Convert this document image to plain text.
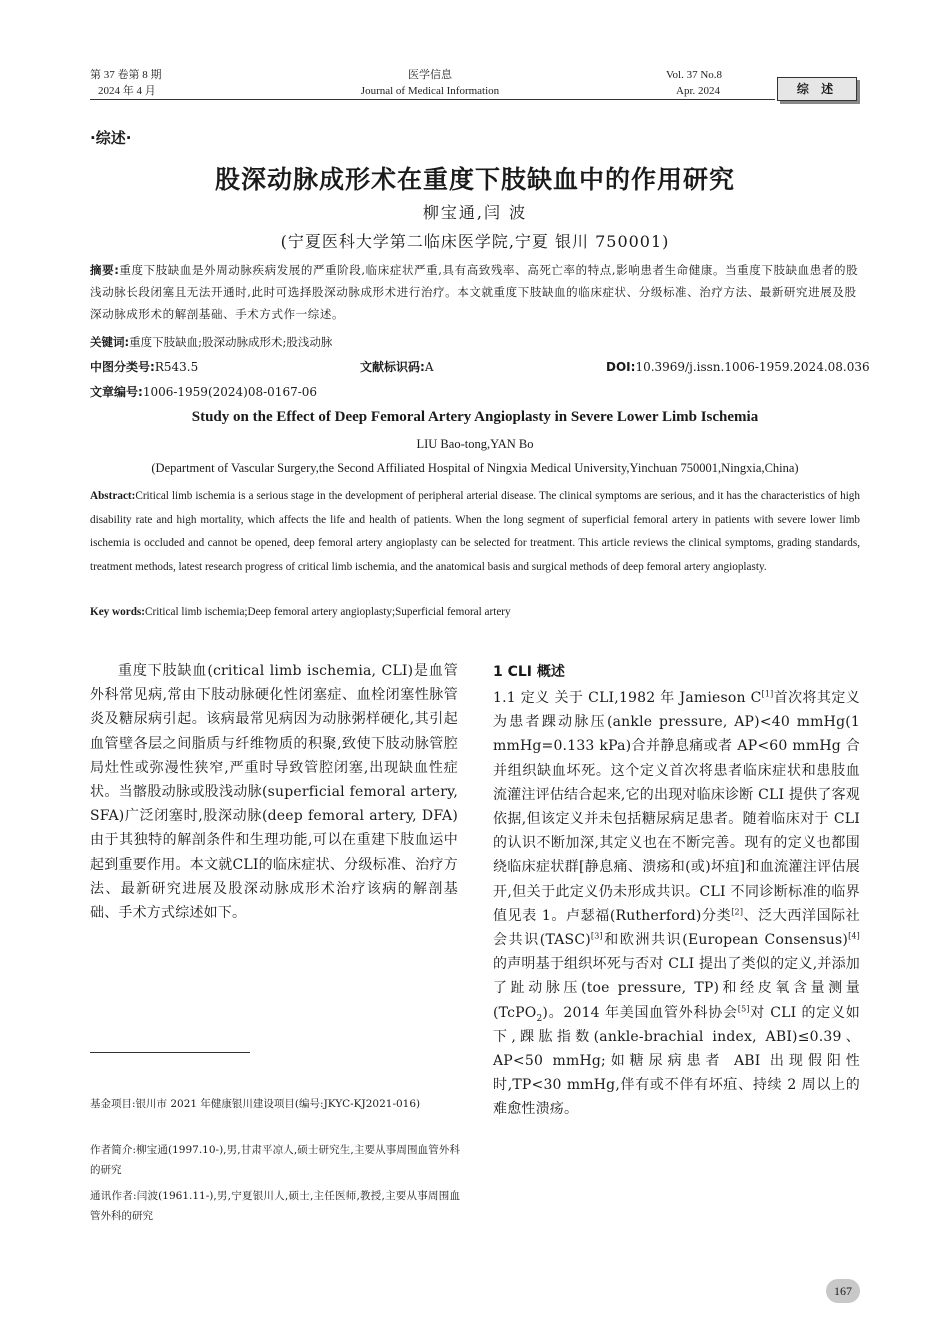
第 37 卷第 8 期
2024 年 4 月
医学信息
Journal of Medical Information
Vol. 37 No.8
Apr. 2024	综 述
·综述·
股深动脉成形术在重度下肢缺血中的作用研究
柳宝通,闫 波
(宁夏医科大学第二临床医学院,宁夏 银川 750001)
摘要:重度下肢缺血是外周动脉疾病发展的严重阶段,临床症状严重,具有高致残率、高死亡率的特点,影响患者生命健康。当重度下肢缺血患者的股浅动脉长段闭塞且无法开通时,此时可选择股深动脉成形术进行治疗。本文就重度下肢缺血的临床症状、分级标准、治疗方法、最新研究进展及股深动脉成形术的解剖基础、手术方式作一综述。
关键词:重度下肢缺血;股深动脉成形术;股浅动脉
中图分类号:R543.5	文献标识码:A	DOI:10.3969/j.issn.1006-1959.2024.08.036
文章编号:1006-1959(2024)08-0167-06
Study on the Effect of Deep Femoral Artery Angioplasty in Severe Lower Limb Ischemia
LIU Bao-tong,YAN Bo
(Department of Vascular Surgery,the Second Affiliated Hospital of Ningxia Medical University,Yinchuan 750001,Ningxia,China)
Abstract:Critical limb ischemia is a serious stage in the development of peripheral arterial disease. The clinical symptoms are serious, and it has the characteristics of high disability rate and high mortality, which affects the life and health of patients. When the long segment of superficial femoral artery in patients with severe lower limb ischemia is occluded and cannot be opened, deep femoral artery angioplasty can be selected for treatment. This article reviews the clinical symptoms, grading standards, treatment methods, latest research progress of critical limb ischemia, and the anatomical basis and surgical methods of deep femoral artery angioplasty.
Key words:Critical limb ischemia;Deep femoral artery angioplasty;Superficial femoral artery
重度下肢缺血(critical limb ischemia, CLI)是血管外科常见病,常由下肢动脉硬化性闭塞症、血栓闭塞性脉管炎及糖尿病引起。该病最常见病因为动脉粥样硬化,其引起血管壁各层之间脂质与纤维物质的积聚,致使下肢动脉管腔局灶性或弥漫性狭窄,严重时导致管腔闭塞,出现缺血性症状。当髂股动脉或股浅动脉(superficial femoral artery, SFA)广泛闭塞时,股深动脉(deep femoral artery, DFA)由于其独特的解剖条件和生理功能,可以在重建下肢血运中起到重要作用。本文就CLI的临床症状、分级标准、治疗方法、最新研究进展及股深动脉成形术治疗该病的解剖基础、手术方式综述如下。
1 CLI 概述
1.1 定义 关于 CLI,1982 年 Jamieson C[1]首次将其定义为患者踝动脉压(ankle pressure, AP)<40 mmHg(1 mmHg=0.133 kPa)合并静息痛或者 AP<60 mmHg 合并组织缺血坏死。这个定义首次将患者临床症状和患肢血流灌注评估结合起来,它的出现对临床诊断 CLI 提供了客观依据,但该定义并未包括糖尿病足患者。随着临床对于 CLI 的认识不断加深,其定义也在不断完善。现有的定义也都围绕临床症状群[静息痛、溃疡和(或)坏疽]和血流灌注评估展开,但关于此定义仍未形成共识。CLI 不同诊断标准的临界值见表 1。卢瑟福(Rutherford)分类[2]、泛大西洋国际社会共识(TASC)[3]和欧洲共识(European Consensus)[4] 的声明基于组织坏死与否对 CLI 提出了类似的定义,并添加了趾动脉压(toe pressure, TP)和经皮氧含量测量(TcPO$_2$)。2014 年美国血管外科协会[5]对 CLI 的定义如下,踝肱指数(ankle-brachial index, ABI)≤0.39、AP<50 mmHg;如糖尿病患者 ABI 出现假阳性时,TP<30 mmHg,伴有或不伴有坏疽、持续 2 周以上的难愈性溃疡。
基金项目:银川市 2021 年健康银川建设项目(编号:JKYC-KJ2021-016)
作者简介:柳宝通(1997.10-),男,甘肃平凉人,硕士研究生,主要从事周围血管外科的研究
通讯作者:闫波(1961.11-),男,宁夏银川人,硕士,主任医师,教授,主要从事周围血管外科的研究
167
